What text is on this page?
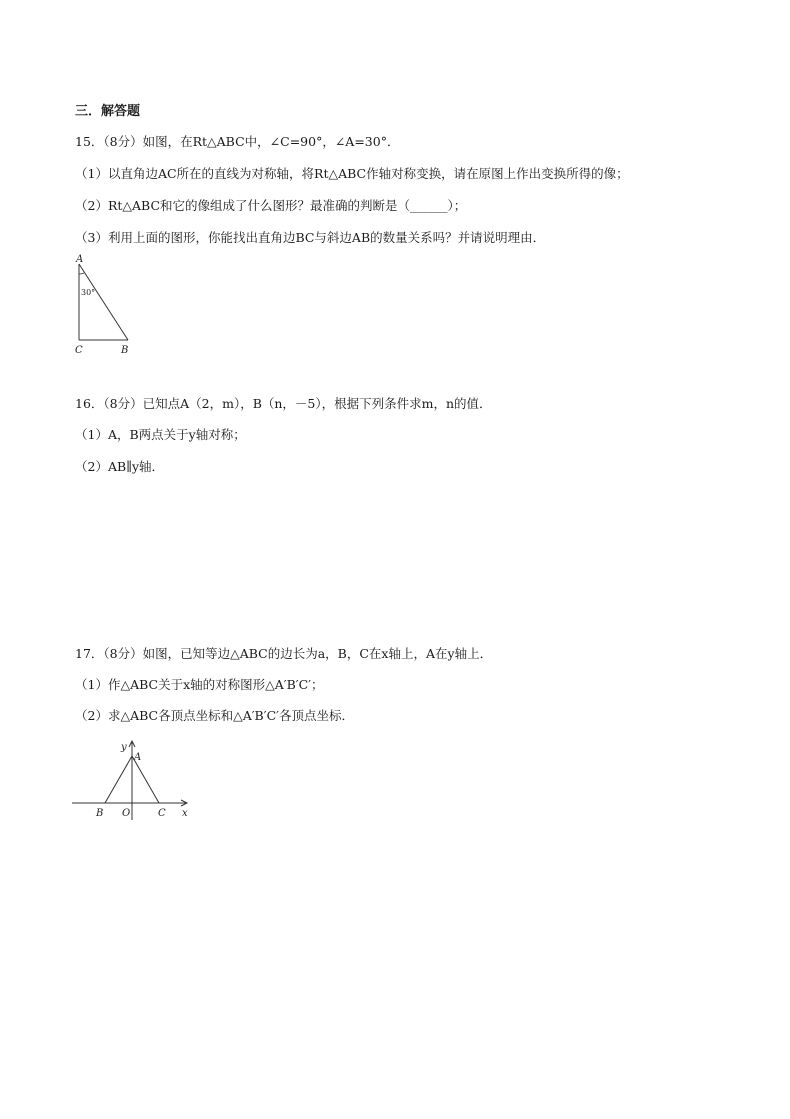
三．解答题
15．（8分）如图，在Rt△ABC中，∠C=90°，∠A=30°．
（1）以直角边AC所在的直线为对称轴，将Rt△ABC作轴对称变换，请在原图上作出变换所得的像；
（2）Rt△ABC和它的像组成了什么图形？最准确的判断是（______）；
（3）利用上面的图形，你能找出直角边BC与斜边AB的数量关系吗？并请说明理由．
A
30°
C	B
16．（8分）已知点A（2，m），B（n，－5），根据下列条件求m，n的值．
（1）A，B两点关于y轴对称；
（2）AB∥y轴．
17．（8分）如图，已知等边△ABC的边长为a，B，C在x轴上，A在y轴上．
（1）作△ABC关于x轴的对称图形△A′B′C′；
（2）求△ABC各顶点坐标和△A′B′C′各顶点坐标．
y
A
B O	C x
